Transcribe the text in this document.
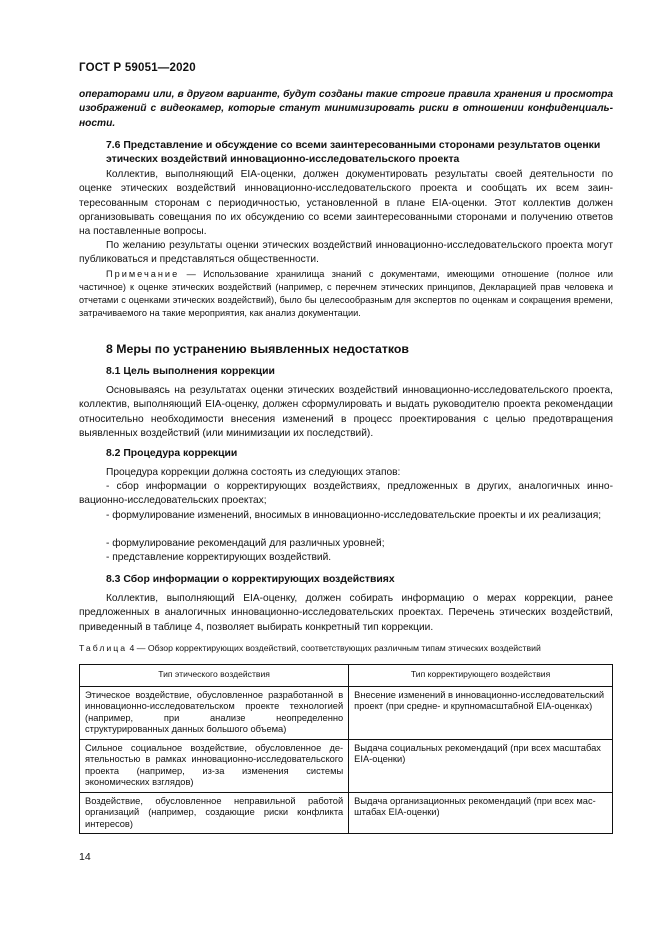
ГОСТ Р 59051—2020
операторами или, в другом варианте, будут созданы такие строгие правила хранения и просмотра изображений с видеокамер, которые станут минимизировать риски в отношении конфиденциальности.
7.6 Представление и обсуждение со всеми заинтересованными сторонами результатов оценки этических воздействий инновационно-исследовательского проекта
Коллектив, выполняющий EIA-оценки, должен документировать результаты своей деятельности по оценке этических воздействий инновационно-исследовательского проекта и сообщать их всем заинтересованным сторонам с периодичностью, установленной в плане EIA-оценки. Этот коллектив должен организовывать совещания по их обсуждению со всеми заинтересованными сторонами и получению ответов на поставленные вопросы.
По желанию результаты оценки этических воздействий инновационно-исследовательского проекта могут публиковаться и представляться общественности.
Примечание — Использование хранилища знаний с документами, имеющими отношение (полное или частичное) к оценке этических воздействий (например, с перечнем этических принципов, Декларацией прав человека и отчетами с оценками этических воздействий), было бы целесообразным для экспертов по оценкам и сокращения времени, затрачиваемого на такие мероприятия, как анализ документации.
8 Меры по устранению выявленных недостатков
8.1 Цель выполнения коррекции
Основываясь на результатах оценки этических воздействий инновационно-исследовательского проекта, коллектив, выполняющий EIA-оценку, должен сформулировать и выдать руководителю проекта рекомендации относительно необходимости внесения изменений в процесс проектирования с целью предотвращения выявленных воздействий (или минимизации их последствий).
8.2 Процедура коррекции
Процедура коррекции должна состоять из следующих этапов:
- сбор информации о корректирующих воздействиях, предложенных в других, аналогичных инновационно-исследовательских проектах;
- формулирование изменений, вносимых в инновационно-исследовательские проекты и их реализация;
- формулирование рекомендаций для различных уровней;
- представление корректирующих воздействий.
8.3 Сбор информации о корректирующих воздействиях
Коллектив, выполняющий EIA-оценку, должен собирать информацию о мерах коррекции, ранее предложенных в аналогичных инновационно-исследовательских проектах. Перечень этических воздействий, приведенный в таблице 4, позволяет выбирать конкретный тип коррекции.
Таблица 4 — Обзор корректирующих воздействий, соответствующих различным типам этических воздействий
Тип этического воздействия	Тип корректирующего воздействия
Этическое воздействие, обусловленное разработанной в инновационно-исследовательском проекте технологией (например, при анализе неопределенно структурированных данных большого объема)	Внесение изменений в инновационно-исследовательский проект (при средне- и крупномасштабной EIA-оценках)
Сильное социальное воздействие, обусловленное деятельностью в рамках инновационно-исследовательского проекта (например, из-за изменения системы экономических взглядов)	Выдача социальных рекомендаций (при всех масштабах EIA-оценки)
Воздействие, обусловленное неправильной работой организаций (например, создающие риски конфликта интересов)	Выдача организационных рекомендаций (при всех масштабах EIA-оценки)
14
